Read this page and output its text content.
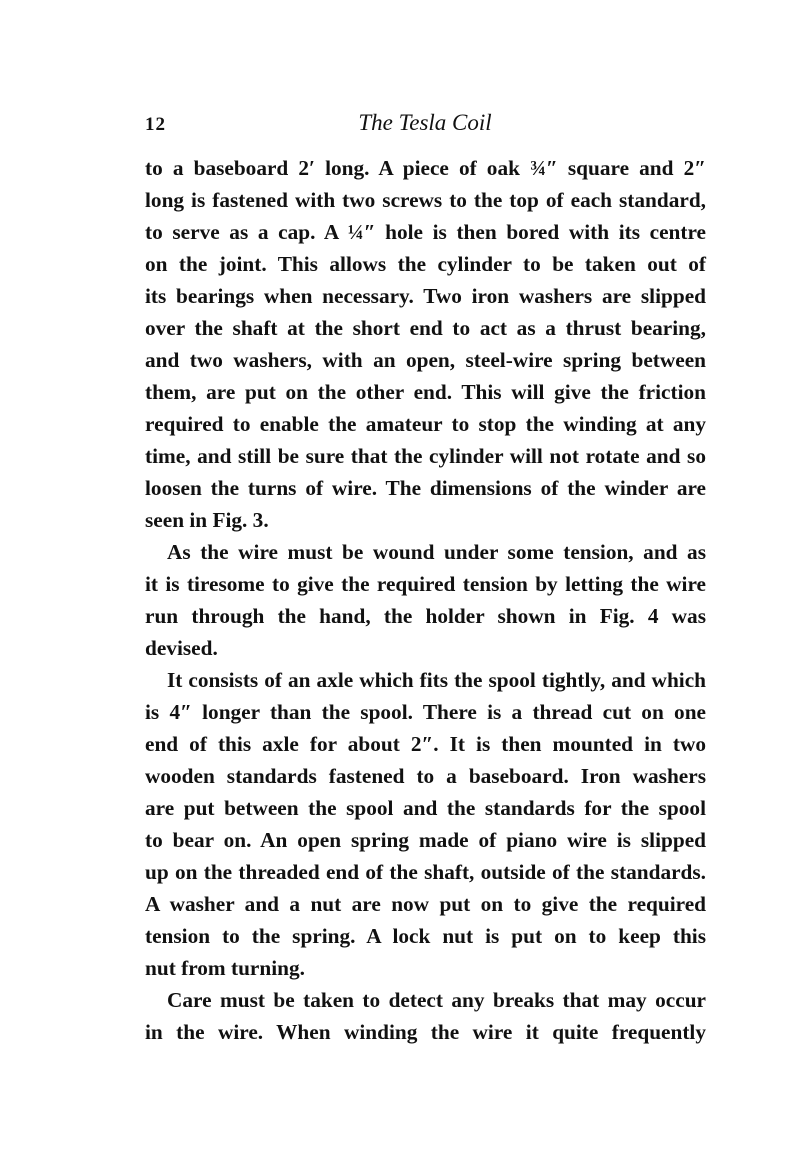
12	The Tesla Coil
to a baseboard 2′ long. A piece of oak ¾″ square and 2″
long is fastened with two screws to the top of each standard,
to serve as a cap. A ¼″ hole is then bored with its centre
on the joint. This allows the cylinder to be taken out of
its bearings when necessary. Two iron washers are slipped
over the shaft at the short end to act as a thrust bearing,
and two washers, with an open, steel-wire spring between
them, are put on the other end. This will give the friction
required to enable the amateur to stop the winding at any
time, and still be sure that the cylinder will not rotate and so
loosen the turns of wire. The dimensions of the winder are
seen in Fig. 3.
As the wire must be wound under some tension, and as
it is tiresome to give the required tension by letting the wire
run through the hand, the holder shown in Fig. 4 was
devised.
It consists of an axle which fits the spool tightly, and which
is 4″ longer than the spool. There is a thread cut on one
end of this axle for about 2″. It is then mounted in two
wooden standards fastened to a baseboard. Iron washers
are put between the spool and the standards for the spool
to bear on. An open spring made of piano wire is slipped
up on the threaded end of the shaft, outside of the standards.
A washer and a nut are now put on to give the required
tension to the spring. A lock nut is put on to keep this
nut from turning.
Care must be taken to detect any breaks that may occur
in the wire. When winding the wire it quite frequently
